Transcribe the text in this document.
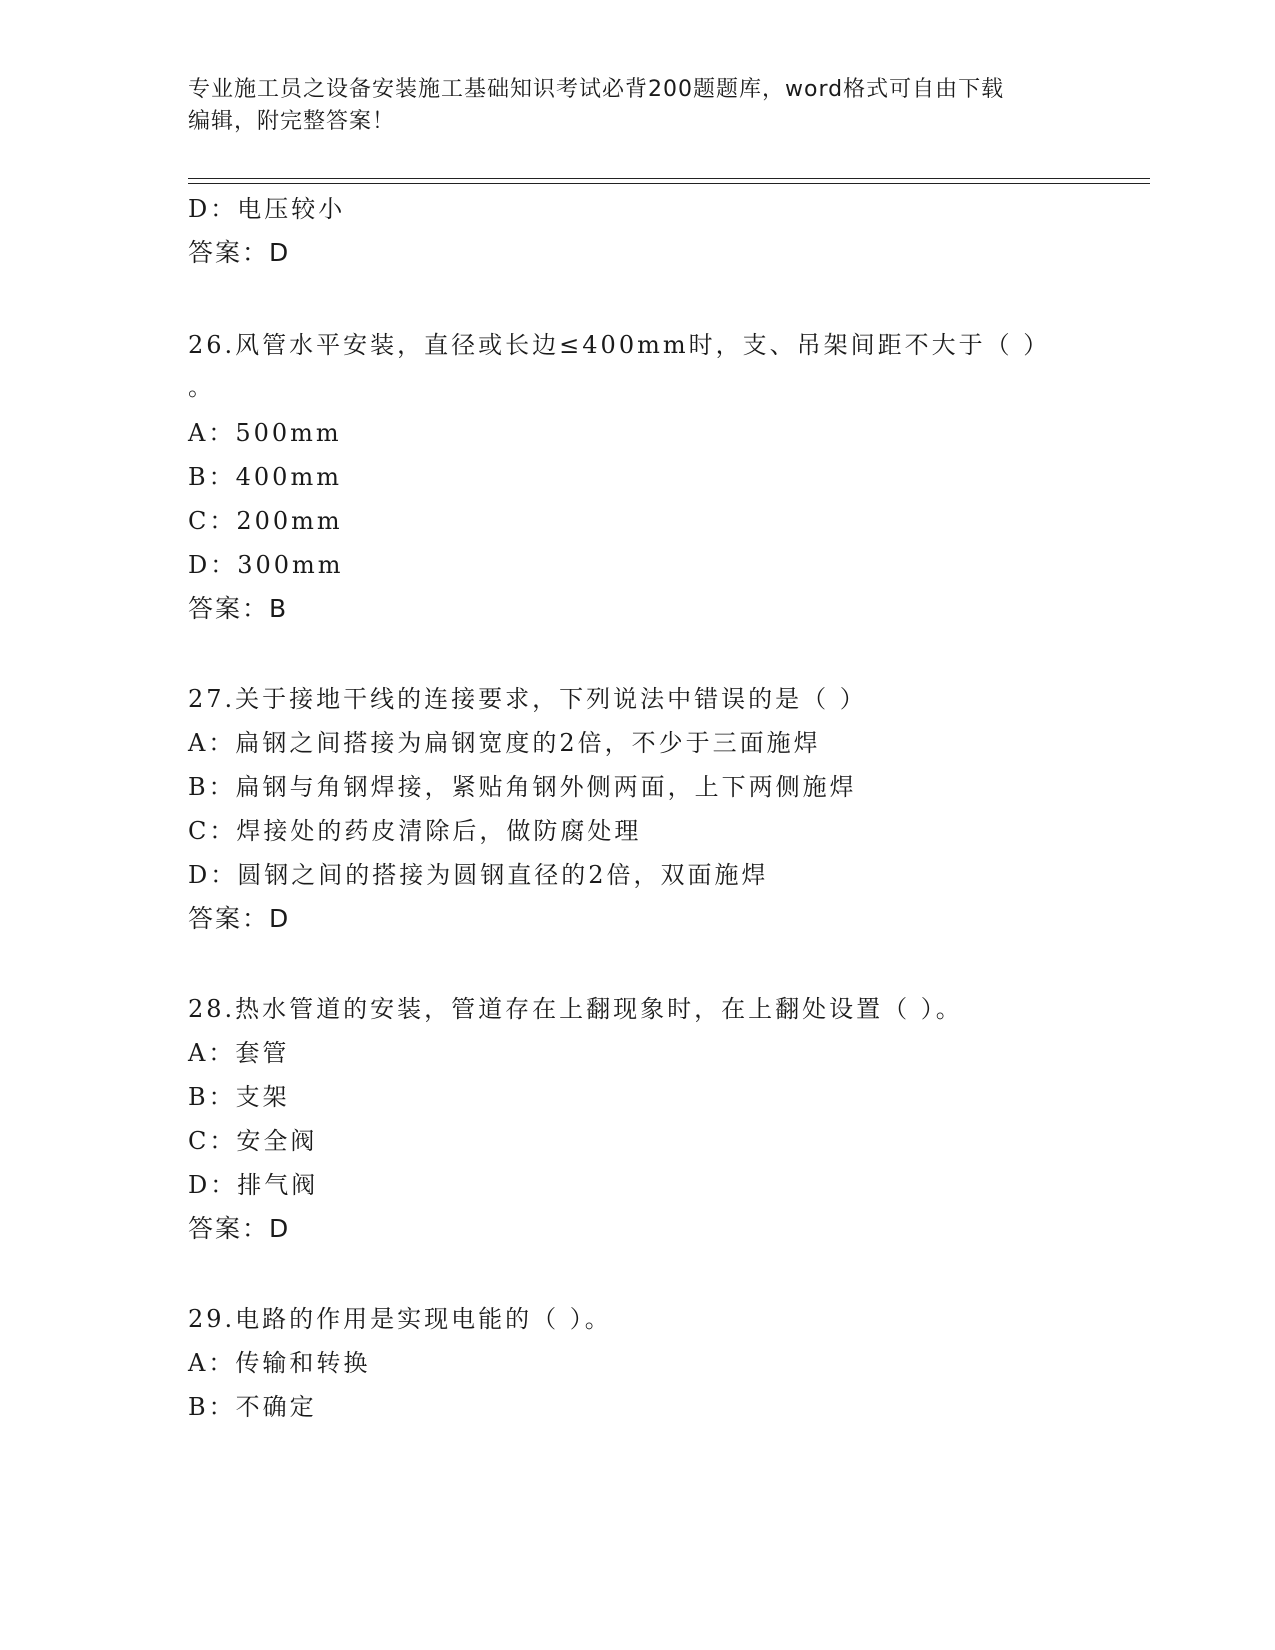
专业施工员之设备安装施工基础知识考试必背200题题库，word格式可自由下载
编辑，附完整答案！
D：电压较小
答案：D
26.风管水平安装，直径或长边≤400mm时，支、吊架间距不大于（ ）
。
A：500mm
B：400mm
C：200mm
D：300mm
答案：B
27.关于接地干线的连接要求，下列说法中错误的是（ ）
A：扁钢之间搭接为扁钢宽度的2倍，不少于三面施焊
B：扁钢与角钢焊接，紧贴角钢外侧两面，上下两侧施焊
C：焊接处的药皮清除后，做防腐处理
D：圆钢之间的搭接为圆钢直径的2倍，双面施焊
答案：D
28.热水管道的安装，管道存在上翻现象时，在上翻处设置（ ）。
A：套管
B：支架
C：安全阀
D：排气阀
答案：D
29.电路的作用是实现电能的（ ）。
A：传输和转换
B：不确定
